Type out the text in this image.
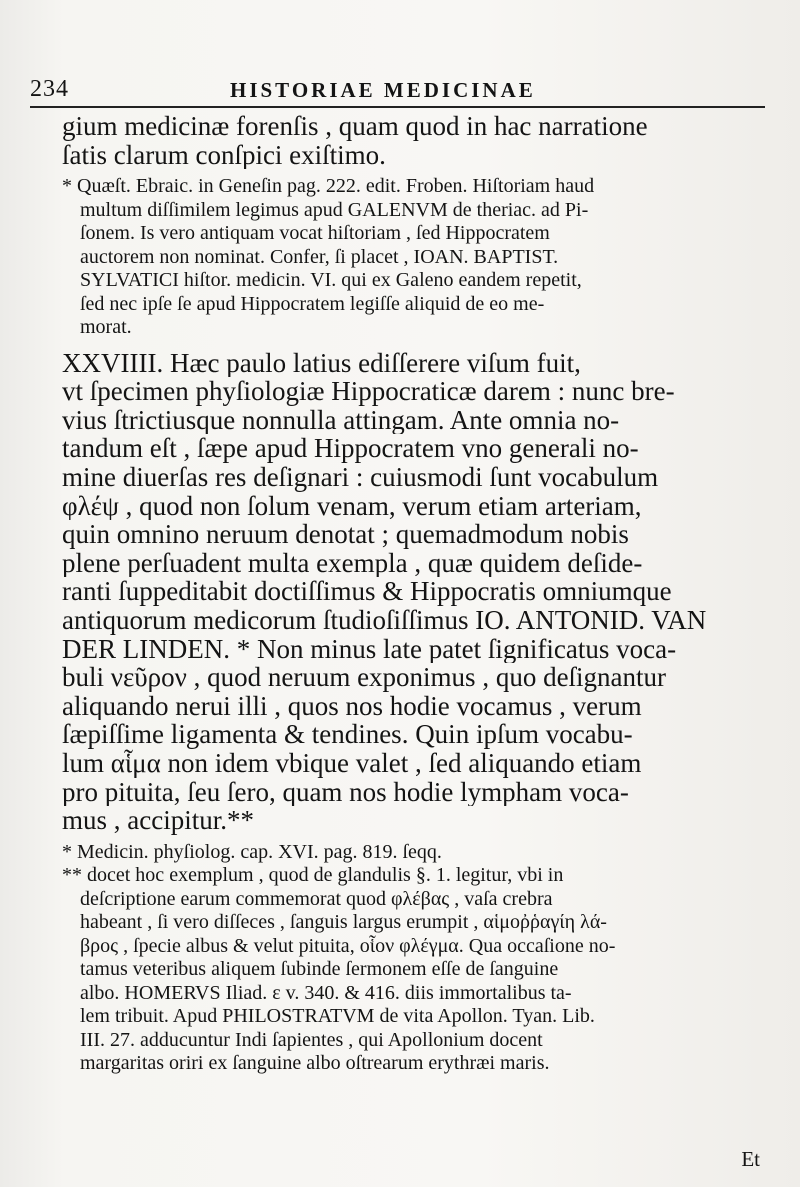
234	HISTORIAE MEDICINAE
gium medicinæ forenſis , quam quod in hac narratione
ſatis clarum conſpici exiſtimo.
* Quæſt. Ebraic. in Geneſin pag. 222. edit. Froben. Hiſtoriam haud
multum diſſimilem legimus apud GALENVM de theriac. ad Pi-
ſonem. Is vero antiquam vocat hiſtoriam , ſed Hippocratem
auctorem non nominat. Confer, ſi placet , IOAN. BAPTIST.
SYLVATICI hiſtor. medicin. VI. qui ex Galeno eandem repetit,
ſed nec ipſe ſe apud Hippocratem legiſſe aliquid de eo me-
morat.
XXVIIII. Hæc paulo latius ediſſerere viſum fuit,
vt ſpecimen phyſiologiæ Hippocraticæ darem : nunc bre-
vius ſtrictiusque nonnulla attingam. Ante omnia no-
tandum eſt , ſæpe apud Hippocratem vno generali no-
mine diuerſas res deſignari : cuiusmodi ſunt vocabulum
φλέψ , quod non ſolum venam, verum etiam arteriam,
quin omnino neruum denotat ; quemadmodum nobis
plene perſuadent multa exempla , quæ quidem deſide-
ranti ſuppeditabit doctiſſimus & Hippocratis omniumque
antiquorum medicorum ſtudioſiſſimus IO. ANTONID. VAN
DER LINDEN. * Non minus late patet ſignificatus voca-
buli νεῦρον , quod neruum exponimus , quo deſignantur
aliquando nerui illi , quos nos hodie vocamus , verum
ſæpiſſime ligamenta & tendines. Quin ipſum vocabu-
lum αἷμα non idem vbique valet , ſed aliquando etiam
pro pituita, ſeu ſero, quam nos hodie lympham voca-
mus , accipitur.**
* Medicin. phyſiolog. cap. XVI. pag. 819. ſeqq.
** docet hoc exemplum , quod de glandulis §. 1. legitur, vbi in
deſcriptione earum commemorat quod φλέβας , vaſa crebra
habeant , ſi vero diſſeces , ſanguis largus erumpit , αἱμοῤῥαγίη λά-
βρος , ſpecie albus & velut pituita, οἷον φλέγμα. Qua occaſione no-
tamus veteribus aliquem ſubinde ſermonem eſſe de ſanguine
albo. HOMERVS Iliad. ε v. 340. & 416. diis immortalibus ta-
lem tribuit. Apud PHILOSTRATVM de vita Apollon. Tyan. Lib.
III. 27. adducuntur Indi ſapientes , qui Apollonium docent
margaritas oriri ex ſanguine albo oſtrearum erythræi maris.
Et
